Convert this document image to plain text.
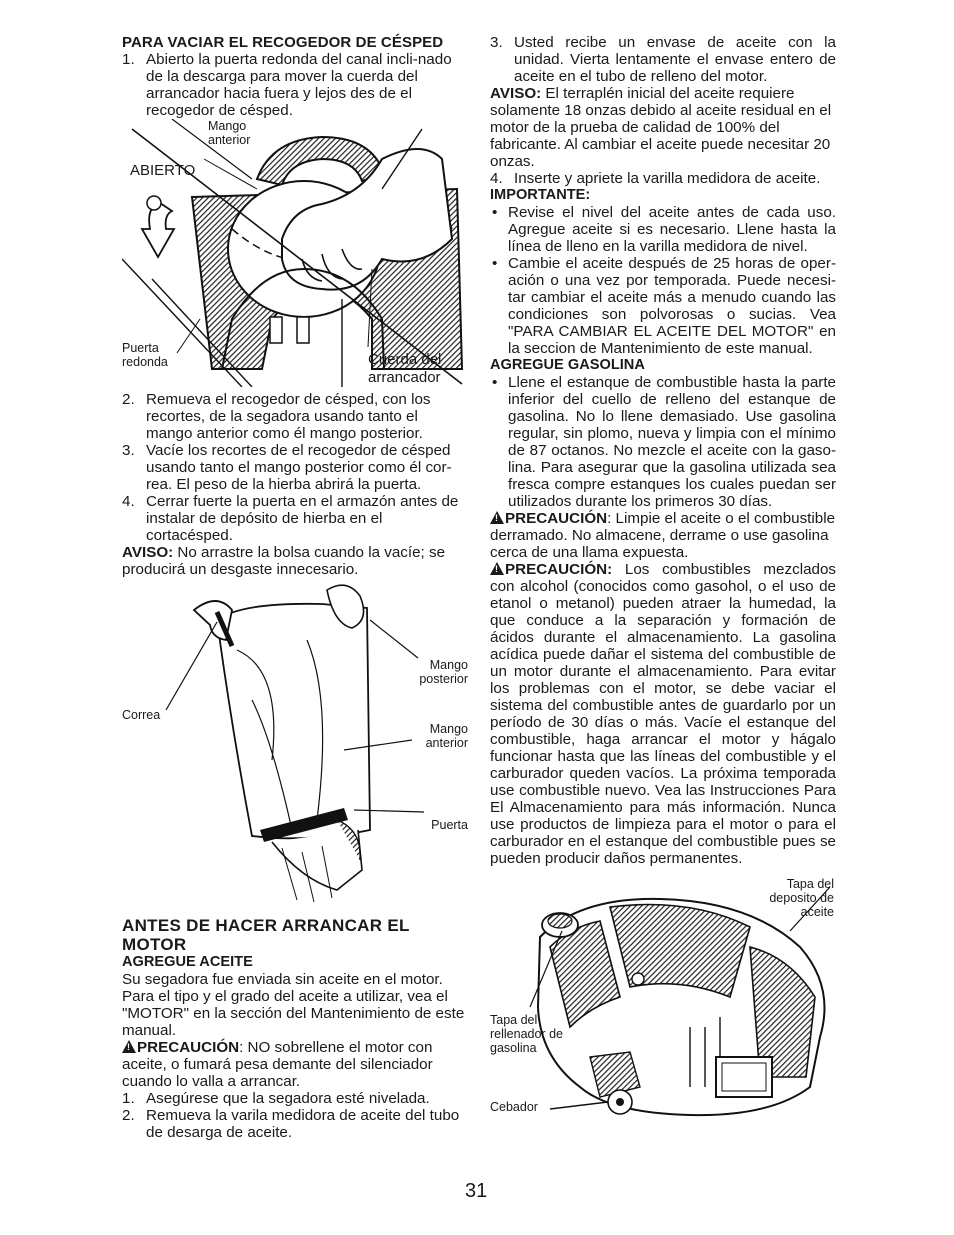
PARA VACIAR EL RECOGEDOR DE CÉSPED

1. Abierto la puerta redonda del canal incli-nado de la descarga para mover la cuerda del arrancador hacia fuera y lejos des de el recogedor de césped.

Mango anterior
ABIERTO
Puerta redonda	Cuerda del arrancador

2. Remueva el recogedor de césped, con los recortes, de la segadora usando tanto el mango anterior como él mango posterior.

3. Vacíe los recortes de el recogedor de césped usando tanto el mango posterior como él cor-rea. El peso de la hierba abrirá la puerta.

4. Cerrar fuerte la puerta en el armazón antes de instalar de depósito de hierba en el cortacésped.

AVISO: No arrastre la bolsa cuando la vacíe; se producirá un desgaste innecesario.

Mango posterior
Correa
Mango anterior
Puerta

ANTES DE HACER ARRANCAR EL MOTOR

AGREGUE ACEITE

Su segadora fue enviada sin aceite en el motor. Para el tipo y el grado del aceite a utilizar, vea el "MOTOR" en la sección del Mantenimiento de este manual.

!PRECAUCIÓN: NO sobrellene el motor con aceite, o fumará pesa demante del silenciador cuando lo valla a arrancar.

1. Asegúrese que la segadora esté nivelada.

2. Remueva la varila medidora de aceite del tubo de desarga de aceite.

3. Usted recibe un envase de aceite con la unidad. Vierta lentamente el envase entero de aceite en el tubo de relleno del motor.

AVISO: El terraplén inicial del aceite requiere solamente 18 onzas debido al aceite residual en el motor de la prueba de calidad de 100% del fabricante. Al cambiar el aceite puede necesitar 20 onzas.

4. Inserte y apriete la varilla medidora de aceite.

IMPORTANTE:

• Revise el nivel del aceite antes de cada uso. Agregue aceite si es necesario. Llene hasta la línea de lleno en la varilla medidora de nivel.

• Cambie el aceite después de 25 horas de oper-ación o una vez por temporada. Puede necesi-tar cambiar el aceite más a menudo cuando las condiciones son polvorosas o sucias. Vea "PARA CAMBIAR EL ACEITE DEL MOTOR" en la seccion de Mantenimiento de este manual.

AGREGUE GASOLINA

• Llene el estanque de combustible hasta la parte inferior del cuello de relleno del estanque de gasolina. No lo llene demasiado. Use gasolina regular, sin plomo, nueva y limpia con el mínimo de 87 octanos. No mezcle el aceite con la gaso-lina. Para asegurar que la gasolina utilizada sea fresca compre estanques los cuales puedan ser utilizados durante los primeros 30 días.

!PRECAUCIÓN: Limpie el aceite o el combustible derramado. No almacene, derrame o use gasolina cerca de una llama expuesta.

!PRECAUCIÓN: Los combustibles mezclados con alcohol (conocidos como gasohol, o el uso de etanol o metanol) pueden atraer la humedad, la que conduce a la separación y formación de ácidos durante el almacenamiento. La gasolina acídica puede dañar el sistema del combustible de un motor durante el almacenamiento. Para evitar los problemas con el motor, se debe vaciar el sistema del combustible antes de guardarlo por un período de 30 días o más. Vacíe el estanque del combustible, haga arrancar el motor y hágalo funcionar hasta que las líneas del combustible y el carburador queden vacíos. La próxima temporada use combustible nuevo. Vea las Instrucciones Para El Almacenamiento para más información. Nunca use productos de limpieza para el motor o para el carburador en el estanque del combustible pues se pueden producir daños permanentes.

Tapa del deposito de aceite
Tapa del rellenador de gasolina
Cebador
31
